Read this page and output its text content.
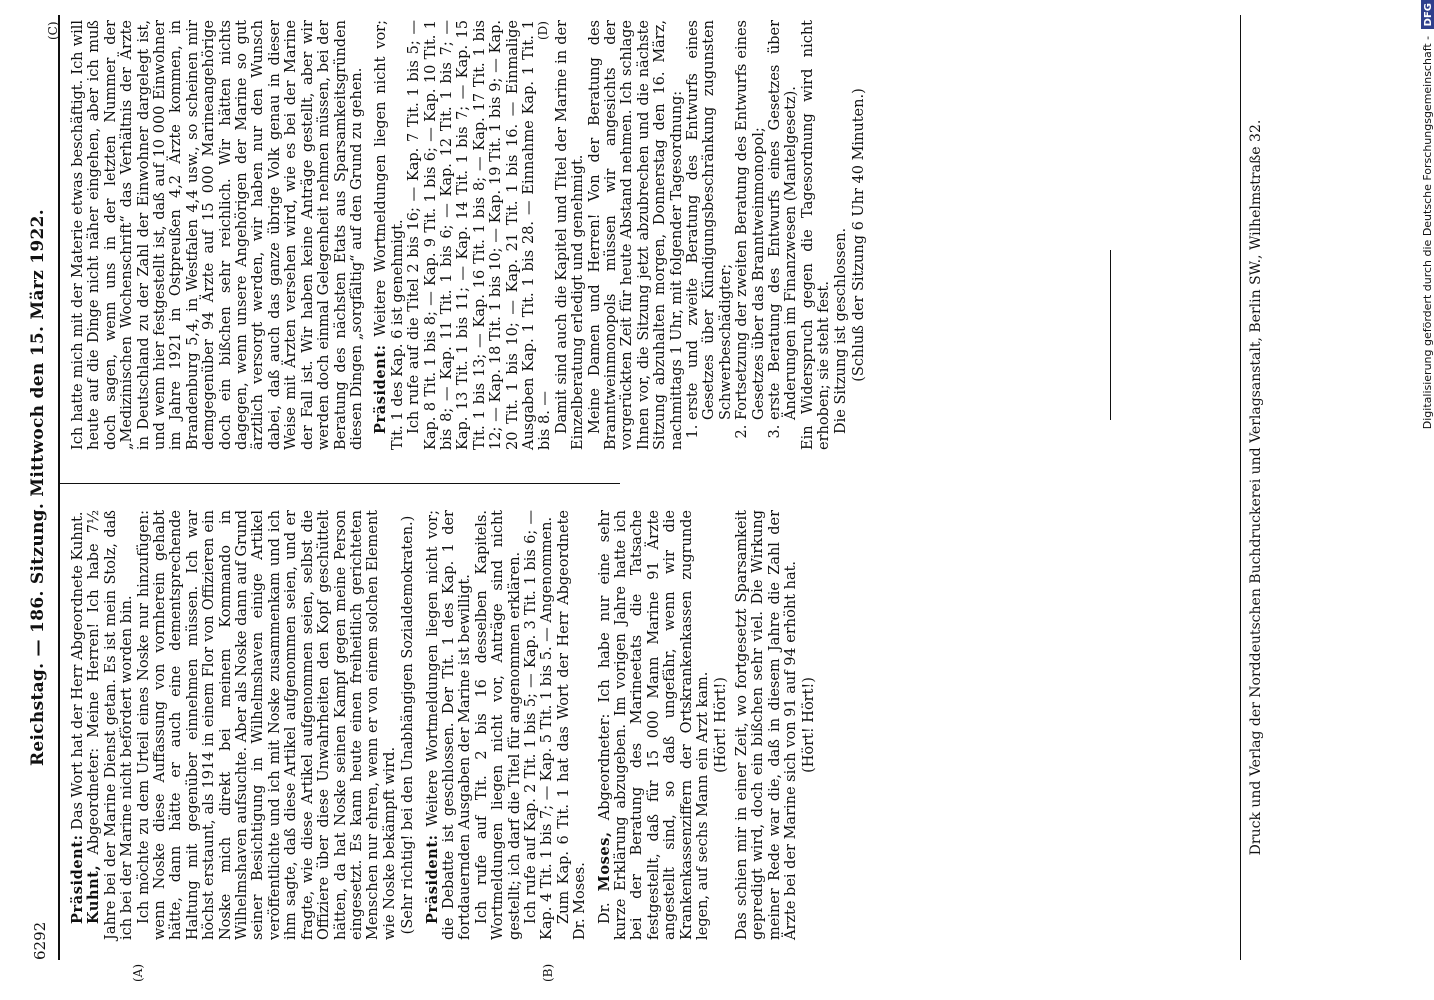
6292
Reichstag. — 186. Sitzung. Mittwoch den 15. März 1922.
(A)	(B)
(C)	(D)

Präsident: Das Wort hat der Herr Abgeordnete Kuhnt.

Kuhnt, Abgeordneter: Meine Herren! Ich habe 7½ Jahre bei der Marine Dienst getan. Es ist mein Stolz, daß ich bei der Marine nicht befördert worden bin. Ich möchte zu dem Urteil eines Noske nur hinzufügen: wenn Noske diese Auffassung von vornherein gehabt hätte, dann hätte er auch eine dementsprechende Haltung mit gegenüber einnehmen müssen. Ich war höchst erstaunt, als 1914 in einem Flor von Offizieren ein Noske mich direkt bei meinem Kommando in Wilhelmshaven aufsuchte. Aber als Noske dann auf Grund seiner Besichtigung in Wilhelmshaven einige Artikel veröffentlichte und ich mit Noske zusammenkam und ich ihm sagte, daß diese Artikel aufgenommen seien, und er fragte, wie diese Artikel aufgenommen seien, selbst die Offiziere über diese Unwahrheiten den Kopf geschüttelt hätten, da hat Noske seinen Kampf gegen meine Person eingesetzt. Es kann heute einen freiheitlich gerichteten Menschen nur ehren, wenn er von einem solchen Element wie Noske bekämpft wird. (Sehr richtig! bei den Unabhängigen Sozialdemokraten.) Präsident: Weitere Wortmeldungen liegen nicht vor; die Debatte ist geschlossen. Der Tit. 1 des Kap. 1 der fortdauernden Ausgaben der Marine ist bewilligt. Ich rufe auf Tit. 2 bis 16 desselben Kapitels. Wortmeldungen liegen nicht vor, Anträge sind nicht gestellt; ich darf die Titel für angenommen erklären. Ich rufe auf Kap. 2 Tit. 1 bis 5; — Kap. 3 Tit. 1 bis 6; — Kap. 4 Tit. 1 bis 7; — Kap. 5 Tit. 1 bis 5. — Angenommen. Zum Kap. 6 Tit. 1 hat das Wort der Herr Abgeordnete Dr. Moses. Dr. Moses, Abgeordneter: Ich habe nur eine sehr kurze Erklärung abzugeben. Im vorigen Jahre hatte ich bei der Beratung des Marineetats die Tatsache festgestellt, daß für 15 000 Mann Marine 91 Ärzte angestellt sind, so daß ungefähr, wenn wir die Krankenkassenziffern der Ortskrankenkassen zugrunde legen, auf sechs Mann ein Arzt kam. (Hört! Hört!) Das schien mir in einer Zeit, wo fortgesetzt Sparsamkeit gepredigt wird, doch ein bißchen sehr viel. Die Wirkung meiner Rede war die, daß in diesem Jahre die Zahl der Ärzte bei der Marine sich von 91 auf 94 erhöht hat. (Hört! Hört!)

Ich hatte mich mit der Materie etwas beschäftigt. Ich will heute auf die Dinge nicht näher eingehen, aber ich muß doch sagen, wenn uns in der letzten Nummer der „Medizinischen Wochenschrift“ das Verhältnis der Ärzte in Deutschland zu der Zahl der Einwohner dargelegt ist, und wenn hier festgestellt ist, daß auf 10 000 Einwohner im Jahre 1921 in Ostpreußen 4,2 Ärzte kommen, in Brandenburg 5,4, in Westfalen 4,4 usw., so scheinen mir demgegenüber 94 Ärzte auf 15 000 Marineangehörige doch ein bißchen sehr reichlich. Wir hätten nichts dagegen, wenn unsere Angehörigen der Marine so gut ärztlich versorgt werden, wir haben nur den Wunsch dabei, daß auch das ganze übrige Volk genau in dieser Weise mit Ärzten versehen wird, wie es bei der Marine der Fall ist. Wir haben keine Anträge gestellt, aber wir werden doch einmal Gelegenheit nehmen müssen, bei der Beratung des nächsten Etats aus Sparsamkeitsgründen diesen Dingen „sorgfältig“ auf den Grund zu gehen. Präsident: Weitere Wortmeldungen liegen nicht vor; Tit. 1 des Kap. 6 ist genehmigt. Ich rufe auf die Titel 2 bis 16; — Kap. 7 Tit. 1 bis 5; — Kap. 8 Tit. 1 bis 8; — Kap. 9 Tit. 1 bis 6; — Kap. 10 Tit. 1 bis 8; — Kap. 11 Tit. 1 bis 6; — Kap. 12 Tit. 1 bis 7; — Kap. 13 Tit. 1 bis 11; — Kap. 14 Tit. 1 bis 7; — Kap. 15 Tit. 1 bis 13; — Kap. 16 Tit. 1 bis 8; — Kap. 17 Tit. 1 bis 12; — Kap. 18 Tit. 1 bis 10; — Kap. 19 Tit. 1 bis 9; — Kap. 20 Tit. 1 bis 10; — Kap. 21 Tit. 1 bis 16. — Einmalige Ausgaben Kap. 1 Tit. 1 bis 28. — Einnahme Kap. 1 Tit. 1 bis 8. — Damit sind auch die Kapitel und Titel der Marine in der Einzelberatung erledigt und genehmigt. Meine Damen und Herren! Von der Beratung des Branntweinmonopols müssen wir angesichts der vorgerückten Zeit für heute Abstand nehmen. Ich schlage Ihnen vor, die Sitzung jetzt abzubrechen und die nächste Sitzung abzuhalten morgen, Donnerstag den 16. März, nachmittags 1 Uhr, mit folgender Tagesordnung: 1. erste und zweite Beratung des Entwurfs eines Gesetzes über Kündigungsbeschränkung zugunsten Schwerbeschädigter; 2. Fortsetzung der zweiten Beratung des Entwurfs eines Gesetzes über das Branntweinmonopol; 3. erste Beratung des Entwurfs eines Gesetzes über Änderungen im Finanzwesen (Mantelgesetz). Ein Widerspruch gegen die Tagesordnung wird nicht erhoben; sie steht fest. Die Sitzung ist geschlossen. (Schluß der Sitzung 6 Uhr 40 Minuten.)	Druck und Verlag der Norddeutschen Buchdruckerei und Verlagsanstalt, Berlin SW., Wilhelmstraße 32.	Digitalisierung gefördert durch die Deutsche Forschungsgemeinschaft - DFG
